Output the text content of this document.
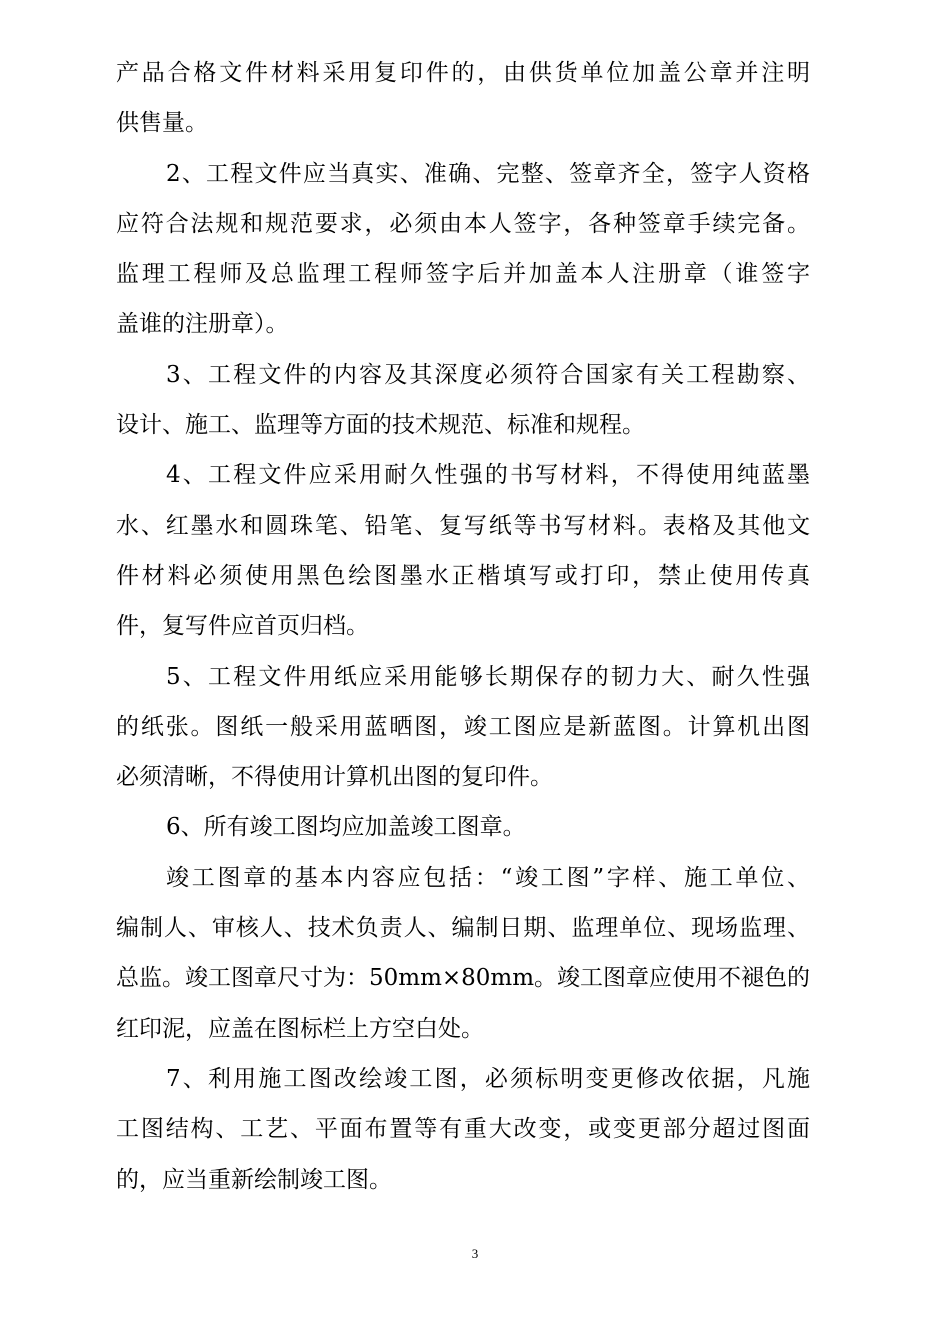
产品合格文件材料采用复印件的，由供货单位加盖公章并注明
供售量。
2、工程文件应当真实、准确、完整、签章齐全，签字人资格
应符合法规和规范要求，必须由本人签字，各种签章手续完备。
监理工程师及总监理工程师签字后并加盖本人注册章（谁签字
盖谁的注册章）。
3、工程文件的内容及其深度必须符合国家有关工程勘察、
设计、施工、监理等方面的技术规范、标准和规程。
4、工程文件应采用耐久性强的书写材料，不得使用纯蓝墨
水、红墨水和圆珠笔、铅笔、复写纸等书写材料。表格及其他文
件材料必须使用黑色绘图墨水正楷填写或打印，禁止使用传真
件，复写件应首页归档。
5、工程文件用纸应采用能够长期保存的韧力大、耐久性强
的纸张。图纸一般采用蓝晒图，竣工图应是新蓝图。计算机出图
必须清晰，不得使用计算机出图的复印件。
6、所有竣工图均应加盖竣工图章。
竣工图章的基本内容应包括：“竣工图”字样、施工单位、
编制人、审核人、技术负责人、编制日期、监理单位、现场监理、
总监。竣工图章尺寸为：50mm×80mm。竣工图章应使用不褪色的
红印泥，应盖在图标栏上方空白处。
7、利用施工图改绘竣工图，必须标明变更修改依据，凡施
工图结构、工艺、平面布置等有重大改变，或变更部分超过图面
的，应当重新绘制竣工图。
3
